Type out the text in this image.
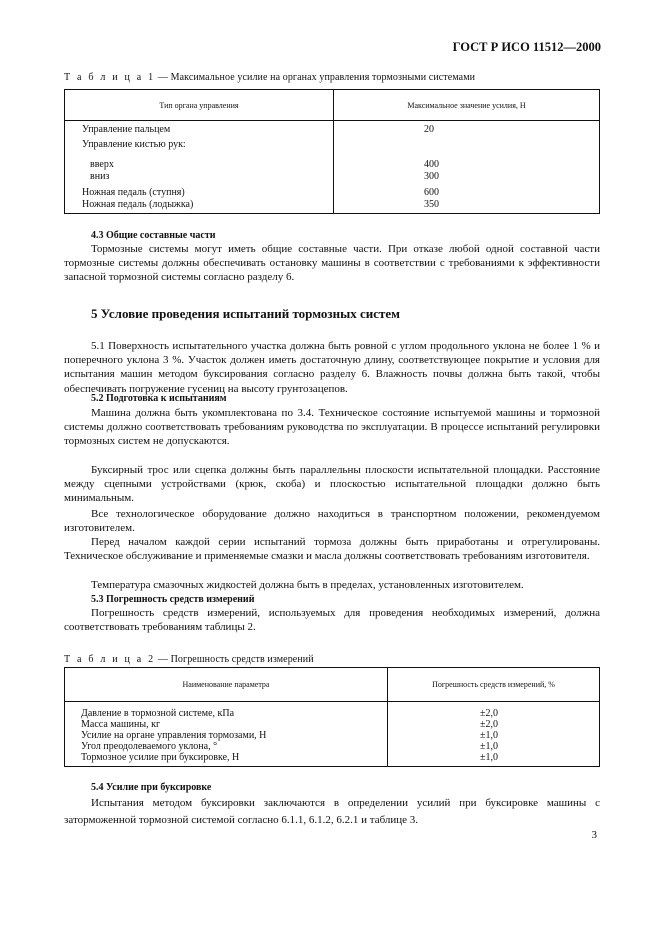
ГОСТ Р ИСО 11512—2000
Т а б л и ц а 1 — Максимальное усилие на органах управления тормозными системами
Тип органа управления	Максимальное значение усилия, Н
Управление пальцем	20
Управление кистью рук:	
вверх	400
вниз	300
Ножная педаль (ступня)	600
Ножная педаль (лодыжка)	350
4.3 Общие составные части
Тормозные системы могут иметь общие составные части. При отказе любой одной составной части тормозные системы должны обеспечивать остановку машины в соответствии с требованиями к эффективности запасной тормозной системы согласно разделу 6.
5 Условие проведения испытаний тормозных систем
5.1 Поверхность испытательного участка должна быть ровной с углом продольного уклона не более 1 % и поперечного уклона 3 %. Участок должен иметь достаточную длину, соответствующее покрытие и условия для испытания машин методом буксирования согласно разделу 6. Влажность почвы должна быть такой, чтобы обеспечивать погружение гусениц на высоту грунтозацепов.
5.2 Подготовка к испытаниям
Машина должна быть укомплектована по 3.4. Техническое состояние испытуемой машины и тормозной системы должно соответствовать требованиям руководства по эксплуатации. В процессе испытаний регулировки тормозных систем не допускаются.
Буксирный трос или сцепка должны быть параллельны плоскости испытательной площадки. Расстояние между сцепными устройствами (крюк, скоба) и плоскостью испытательной площадки должно быть минимальным.
Все технологическое оборудование должно находиться в транспортном положении, рекомендуемом изготовителем.
Перед началом каждой серии испытаний тормоза должны быть приработаны и отрегулированы. Техническое обслуживание и применяемые смазки и масла должны соответствовать требованиям изготовителя.
Температура смазочных жидкостей должна быть в пределах, установленных изготовителем.
5.3 Погрешность средств измерений
Погрешность средств измерений, используемых для проведения необходимых измерений, должна соответствовать требованиям таблицы 2.
Т а б л и ц а 2 — Погрешность средств измерений
Наименование параметра	Погрешность средств измерений, %
Давление в тормозной системе, кПа	±2,0
Масса машины, кг	±2,0
Усилие на органе управления тормозами, Н	±1,0
Угол преодолеваемого уклона, °	±1,0
Тормозное усилие при буксировке, Н	±1,0
5.4 Усилие при буксировке
Испытания методом буксировки заключаются в определении усилий при буксировке машины с заторможенной тормозной системой согласно 6.1.1, 6.1.2, 6.2.1 и таблице 3.
3
